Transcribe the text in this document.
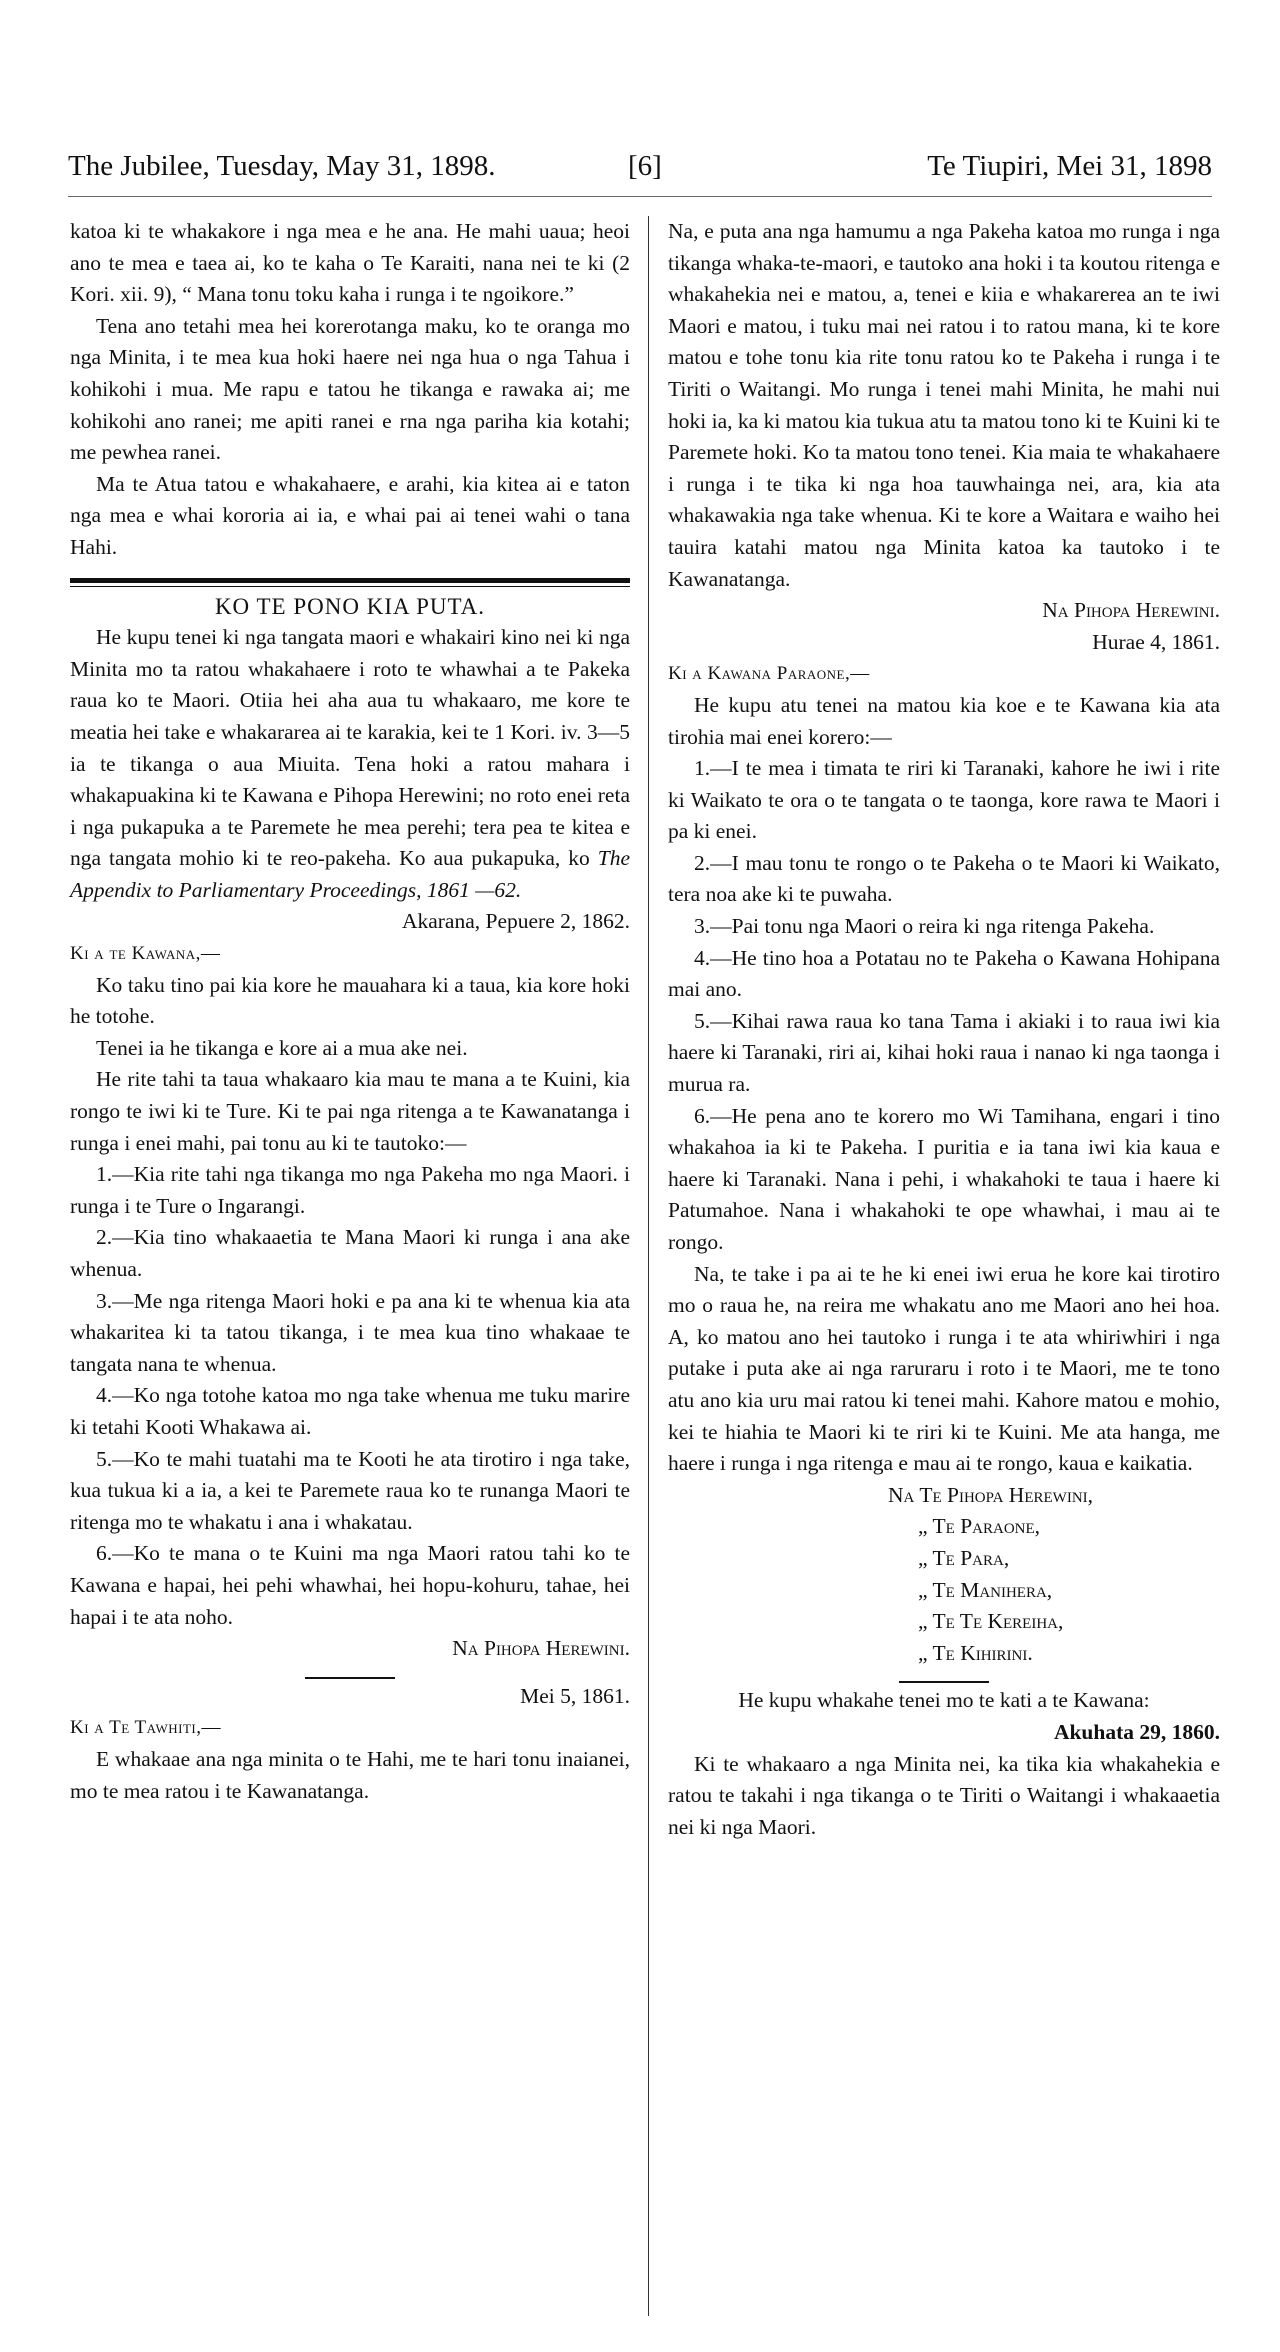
The Jubilee, Tuesday, May 31, 1898.	[6]	Te Tiupiri, Mei 31, 1898

katoa ki te whakakore i nga mea e he ana. He mahi uaua; heoi ano te mea e taea ai, ko te kaha o Te Karaiti, nana nei te ki (2 Kori. xii. 9), “ Mana tonu toku kaha i runga i te ngoikore.”

Tena ano tetahi mea hei korerotanga maku, ko te oranga mo nga Minita, i te mea kua hoki haere nei nga hua o nga Tahua i kohikohi i mua. Me rapu e tatou he tikanga e rawaka ai; me kohikohi ano ranei; me apiti ranei e rna nga pariha kia kotahi; me pewhea ranei.

Ma te Atua tatou e whakahaere, e arahi, kia kitea ai e taton nga mea e whai kororia ai ia, e whai pai ai tenei wahi o tana Hahi.

KO TE PONO KIA PUTA.

He kupu tenei ki nga tangata maori e whakairi kino nei ki nga Minita mo ta ratou whakahaere i roto te whawhai a te Pakeka raua ko te Maori. Otiia hei aha aua tu whakaaro, me kore te meatia hei take e whakararea ai te karakia, kei te 1 Kori. iv. 3—5 ia te tikanga o aua Miuita. Tena hoki a ratou mahara i whakapuakina ki te Kawana e Pihopa Herewini; no roto enei reta i nga pukapuka a te Paremete he mea perehi; tera pea te kitea e nga tangata mohio ki te reo-pakeha. Ko aua pukapuka, ko The Appendix to Parliamentary Proceedings, 1861 —62.

Akarana, Pepuere 2, 1862.

Ki a te Kawana,—

Ko taku tino pai kia kore he mauahara ki a taua, kia kore hoki he totohe.

Tenei ia he tikanga e kore ai a mua ake nei.

He rite tahi ta taua whakaaro kia mau te mana a te Kuini, kia rongo te iwi ki te Ture. Ki te pai nga ritenga a te Kawanatanga i runga i enei mahi, pai tonu au ki te tautoko:—

1.—Kia rite tahi nga tikanga mo nga Pakeha mo nga Maori. i runga i te Ture o Ingarangi.

2.—Kia tino whakaaetia te Mana Maori ki runga i ana ake whenua.

3.—Me nga ritenga Maori hoki e pa ana ki te whenua kia ata whakaritea ki ta tatou tikanga, i te mea kua tino whakaae te tangata nana te whenua.

4.—Ko nga totohe katoa mo nga take whenua me tuku marire ki tetahi Kooti Whakawa ai.

5.—Ko te mahi tuatahi ma te Kooti he ata tirotiro i nga take, kua tukua ki a ia, a kei te Paremete raua ko te runanga Maori te ritenga mo te whakatu i ana i whakatau.

6.—Ko te mana o te Kuini ma nga Maori ratou tahi ko te Kawana e hapai, hei pehi whawhai, hei hopu-kohuru, tahae, hei hapai i te ata noho.

Na Pihopa Herewini.

Mei 5, 1861.

Ki a Te Tawhiti,—

E whakaae ana nga minita o te Hahi, me te hari tonu inaianei, mo te mea ratou i te Kawanatanga.

Na, e puta ana nga hamumu a nga Pakeha katoa mo runga i nga tikanga whaka-te-maori, e tautoko ana hoki i ta koutou ritenga e whakahekia nei e matou, a, tenei e kiia e whakarerea an te iwi Maori e matou, i tuku mai nei ratou i to ratou mana, ki te kore matou e tohe tonu kia rite tonu ratou ko te Pakeha i runga i te Tiriti o Waitangi. Mo runga i tenei mahi Minita, he mahi nui hoki ia, ka ki matou kia tukua atu ta matou tono ki te Kuini ki te Paremete hoki. Ko ta matou tono tenei. Kia maia te whakahaere i runga i te tika ki nga hoa tauwhainga nei, ara, kia ata whakawakia nga take whenua. Ki te kore a Waitara e waiho hei tauira katahi matou nga Minita katoa ka tautoko i te Kawanatanga.

Na Pihopa Herewini.

Hurae 4, 1861.

Ki a Kawana Paraone,—

He kupu atu tenei na matou kia koe e te Kawana kia ata tirohia mai enei korero:—

1.—I te mea i timata te riri ki Taranaki, kahore he iwi i rite ki Waikato te ora o te tangata o te taonga, kore rawa te Maori i pa ki enei.

2.—I mau tonu te rongo o te Pakeha o te Maori ki Waikato, tera noa ake ki te puwaha.

3.—Pai tonu nga Maori o reira ki nga ritenga Pakeha.

4.—He tino hoa a Potatau no te Pakeha o Kawana Hohipana mai ano.

5.—Kihai rawa raua ko tana Tama i akiaki i to raua iwi kia haere ki Taranaki, riri ai, kihai hoki raua i nanao ki nga taonga i murua ra.

6.—He pena ano te korero mo Wi Tamihana, engari i tino whakahoa ia ki te Pakeha. I puritia e ia tana iwi kia kaua e haere ki Taranaki. Nana i pehi, i whakahoki te taua i haere ki Patumahoe. Nana i whakahoki te ope whawhai, i mau ai te rongo.

Na, te take i pa ai te he ki enei iwi erua he kore kai tirotiro mo o raua he, na reira me whakatu ano me Maori ano hei hoa. A, ko matou ano hei tautoko i runga i te ata whiriwhiri i nga putake i puta ake ai nga raruraru i roto i te Maori, me te tono atu ano kia uru mai ratou ki tenei mahi. Kahore matou e mohio, kei te hiahia te Maori ki te riri ki te Kuini. Me ata hanga, me haere i runga i nga ritenga e mau ai te rongo, kaua e kaikatia.

Na Te Pihopa Herewini,

„ Te Paraone,

„ Te Para,

„ Te Manihera,

„ Te Te Kereiha,

„ Te Kihirini.

He kupu whakahe tenei mo te kati a te Kawana:

Akuhata 29, 1860.

Ki te whakaaro a nga Minita nei, ka tika kia whakahekia e ratou te takahi i nga tikanga o te Tiriti o Waitangi i whakaaetia nei ki nga Maori.
